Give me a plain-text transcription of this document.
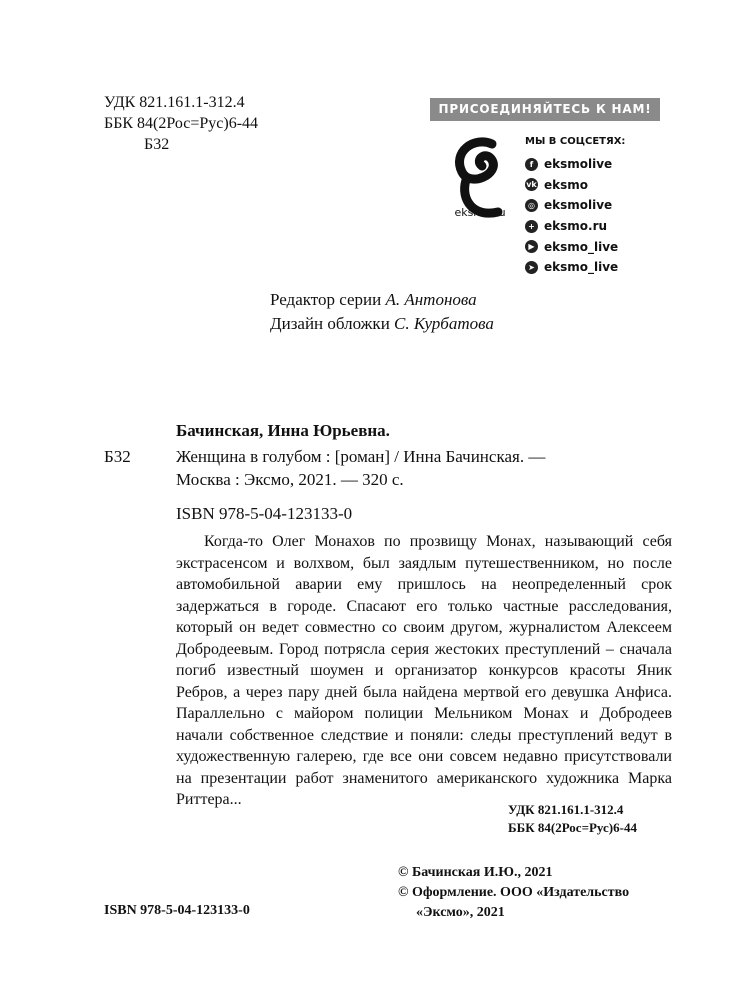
УДК 821.161.1-312.4
ББК 84(2Рос=Рус)6-44
Б32
ПРИСОЕДИНЯЙТЕСЬ К НАМ!
eksmo.ru
МЫ В СОЦСЕТЯХ:
f eksmolive
vk eksmo
◎ eksmolive
+ eksmo.ru
▶ eksmo_live
➤ eksmo_live
Редактор серии А. Антонова
Дизайн обложки С. Курбатова
Бачинская, Инна Юрьевна.
Б32	Женщина в голубом : [роман] / Инна Бачинская. —
Москва : Эксмо, 2021. — 320 с.
ISBN 978-5-04-123133-0

Когда-то Олег Монахов по прозвищу Монах, называющий себя экстрасенсом и волхвом, был заядлым путешественником, но после автомобильной аварии ему пришлось на неопределенный срок задержаться в городе. Спасают его только частные расследования, который он ведет совместно со своим другом, журналистом Алексеем Добродеевым. Город потрясла серия жестоких преступлений – сначала погиб известный шоумен и организатор конкурсов красоты Яник Ребров, а через пару дней была найдена мертвой его девушка Анфиса. Параллельно с майором полиции Мельником Монах и Добродеев начали собственное следствие и поняли: следы преступлений ведут в художественную галерею, где все они совсем недавно присутствовали на презентации работ знаменитого американского художника Марка Риттера...

УДК 821.161.1-312.4
ББК 84(2Рос=Рус)6-44
© Бачинская И.Ю., 2021
© Оформление. ООО «Издательство
«Эксмо», 2021
ISBN 978-5-04-123133-0
